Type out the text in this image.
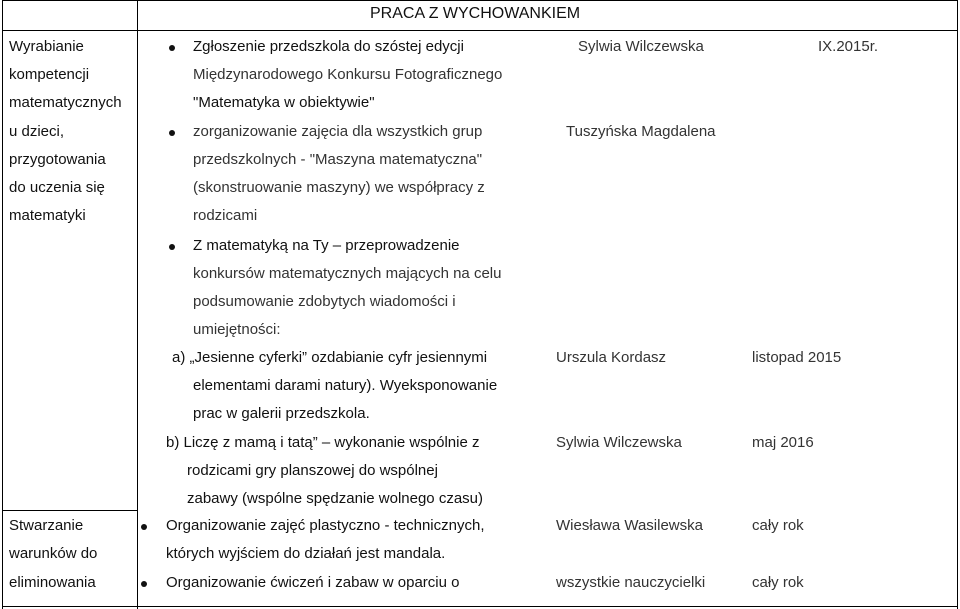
PRACA Z WYCHOWANKIEM
Wyrabianie
kompetencji
matematycznych
u dzieci,
przygotowania
do uczenia się
matematyki
Stwarzanie
warunków do
eliminowania
Zgłoszenie przedszkola do szóstej edycji
Międzynarodowego Konkursu Fotograficznego
"Matematyka w obiektywie"
zorganizowanie zajęcia dla wszystkich grup
przedszkolnych - "Maszyna matematyczna"
(skonstruowanie maszyny) we współpracy z
rodzicami
Z matematyką na Ty – przeprowadzenie
konkursów matematycznych mających na celu
podsumowanie zdobytych wiadomości i
umiejętności:
a) „Jesienne cyferki” ozdabianie cyfr jesiennymi
elementami darami natury). Wyeksponowanie
prac w galerii przedszkola.
b) Liczę z mamą i tatą” – wykonanie wspólnie z
rodzicami gry planszowej do wspólnej
zabawy (wspólne spędzanie wolnego czasu)
Organizowanie zajęć plastyczno - technicznych,
których wyjściem do działań jest mandala.
Organizowanie ćwiczeń i zabaw w oparciu o
Sylwia Wilczewska
Tuszyńska Magdalena
Urszula Kordasz
Sylwia Wilczewska
Wiesława Wasilewska
wszystkie nauczycielki
IX.2015r.
listopad 2015
maj 2016
cały rok
cały rok
